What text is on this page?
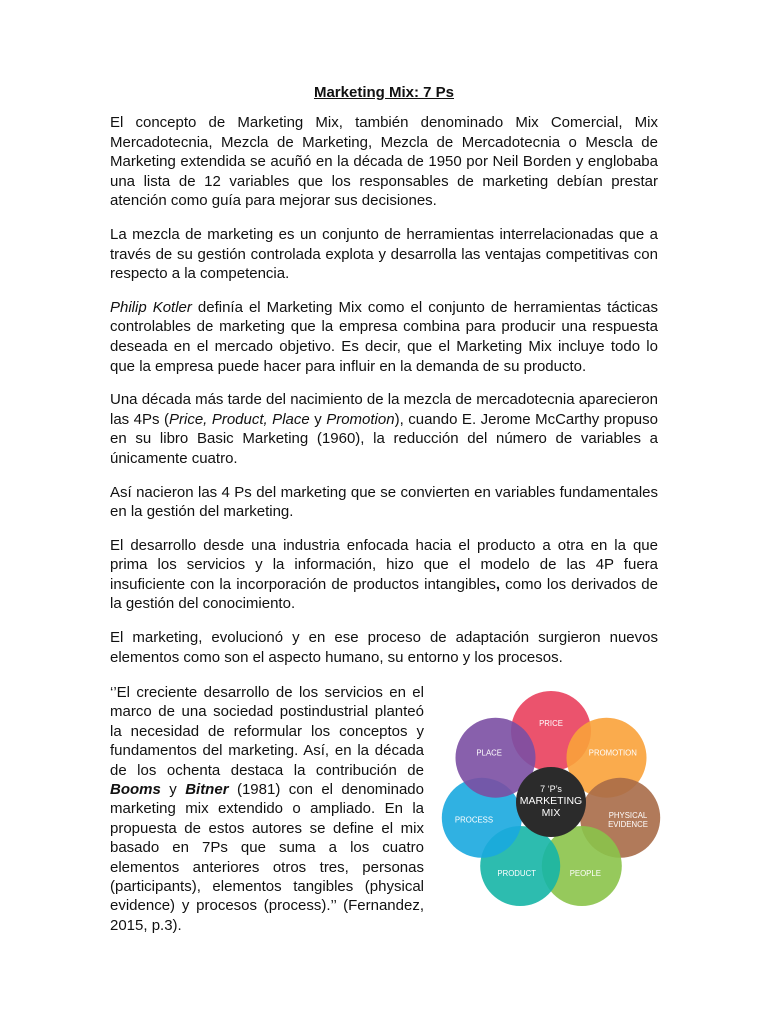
Marketing Mix: 7 Ps

El concepto de Marketing Mix, también denominado Mix Comercial, Mix Mercadotecnia, Mezcla de Marketing, Mezcla de Mercadotecnia o Mescla de Marketing extendida se acuñó en la década de 1950 por Neil Borden y englobaba una lista de 12 variables que los responsables de marketing debían prestar atención como guía para mejorar sus decisiones.

La mezcla de marketing es un conjunto de herramientas interrelacionadas que a través de su gestión controlada explota y desarrolla las ventajas competitivas con respecto a la competencia.

Philip Kotler definía el Marketing Mix como el conjunto de herramientas tácticas controlables de marketing que la empresa combina para producir una respuesta deseada en el mercado objetivo. Es decir, que el Marketing Mix incluye todo lo que la empresa puede hacer para influir en la demanda de su producto.

Una década más tarde del nacimiento de la mezcla de mercadotecnia aparecieron las 4Ps (Price, Product, Place y Promotion), cuando E. Jerome McCarthy propuso en su libro Basic Marketing (1960), la reducción del número de variables a únicamente cuatro.

Así nacieron las 4 Ps del marketing que se convierten en variables fundamentales en la gestión del marketing.

El desarrollo desde una industria enfocada hacia el producto a otra en la que prima los servicios y la información, hizo que el modelo de las 4P fuera insuficiente con la incorporación de productos intangibles, como los derivados de la gestión del conocimiento.

El marketing, evolucionó y en ese proceso de adaptación surgieron nuevos elementos como son el aspecto humano, su entorno y los procesos.

‘’El creciente desarrollo de los servicios en el marco de una sociedad postindustrial planteó la necesidad de reformular los conceptos y fundamentos del marketing. Así, en la década de los ochenta destaca la contribución de Booms y Bitner (1981) con el denominado marketing mix extendido o ampliado. En la propuesta de estos autores se define el mix basado en 7Ps que suma a los cuatro elementos anteriores otros tres, personas (participants), elementos tangibles (physical evidence) y procesos (process).’’ (Fernandez, 2015, p.3).

PRICE
PROMOTION
PHYSICAL EVIDENCE
PEOPLE
PRODUCT
PROCESS
PLACE
7 ‘P’s MARKETING MIX
